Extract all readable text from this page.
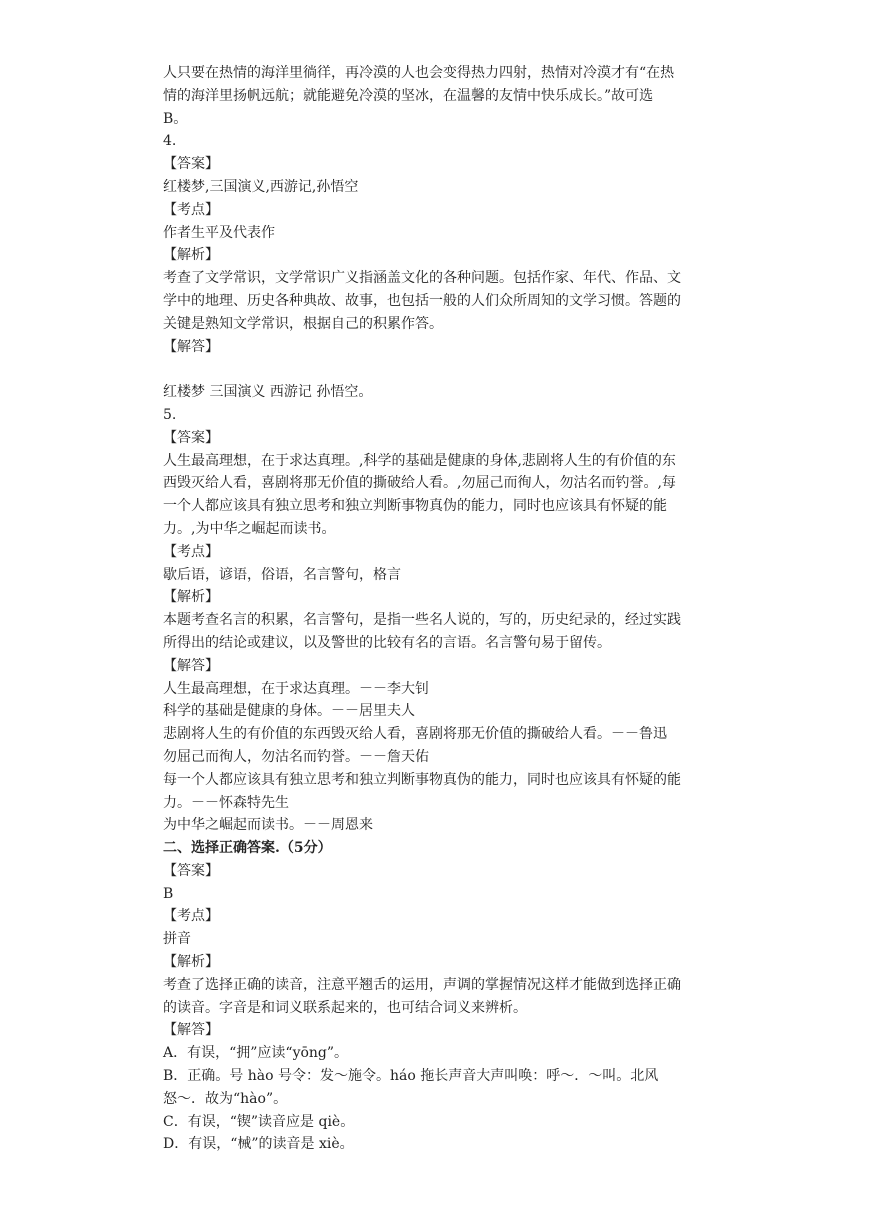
人只要在热情的海洋里徜徉，再冷漠的人也会变得热力四射，热情对冷漠才有“在热
情的海洋里扬帆远航；就能避免冷漠的坚冰，在温馨的友情中快乐成长。”故可选
B。
4.
【答案】
红楼梦,三国演义,西游记,孙悟空
【考点】
作者生平及代表作
【解析】
考查了文学常识，文学常识广义指涵盖文化的各种问题。包括作家、年代、作品、文
学中的地理、历史各种典故、故事，也包括一般的人们众所周知的文学习惯。答题的
关键是熟知文学常识，根据自己的积累作答。
【解答】
红楼梦 三国演义 西游记 孙悟空。
5.
【答案】
人生最高理想，在于求达真理。,科学的基础是健康的身体,悲剧将人生的有价值的东
西毁灭给人看，喜剧将那无价值的撕破给人看。,勿屈己而徇人，勿沽名而钓誉。,每
一个人都应该具有独立思考和独立判断事物真伪的能力，同时也应该具有怀疑的能
力。,为中华之崛起而读书。
【考点】
歇后语，谚语，俗语，名言警句，格言
【解析】
本题考查名言的积累，名言警句，是指一些名人说的，写的，历史纪录的，经过实践
所得出的结论或建议，以及警世的比较有名的言语。名言警句易于留传。
【解答】
人生最高理想，在于求达真理。－－李大钊
科学的基础是健康的身体。－－居里夫人
悲剧将人生的有价值的东西毁灭给人看，喜剧将那无价值的撕破给人看。－－鲁迅
勿屈己而徇人，勿沽名而钓誉。－－詹天佑
每一个人都应该具有独立思考和独立判断事物真伪的能力，同时也应该具有怀疑的能
力。－－怀森特先生
为中华之崛起而读书。－－周恩来
二、选择正确答案.（5分）
【答案】
B
【考点】
拼音
【解析】
考查了选择正确的读音，注意平翘舌的运用，声调的掌握情况这样才能做到选择正确
的读音。字音是和词义联系起来的，也可结合词义来辨析。
【解答】
A．有误，“拥”应读“yōng”。
B．正确。号 hào 号令：发～施令。háo 拖长声音大声叫唤：呼～．～叫。北风
怒～．故为“hào”。
C．有误，“锲”读音应是 qiè。
D．有误，“械”的读音是 xiè。
